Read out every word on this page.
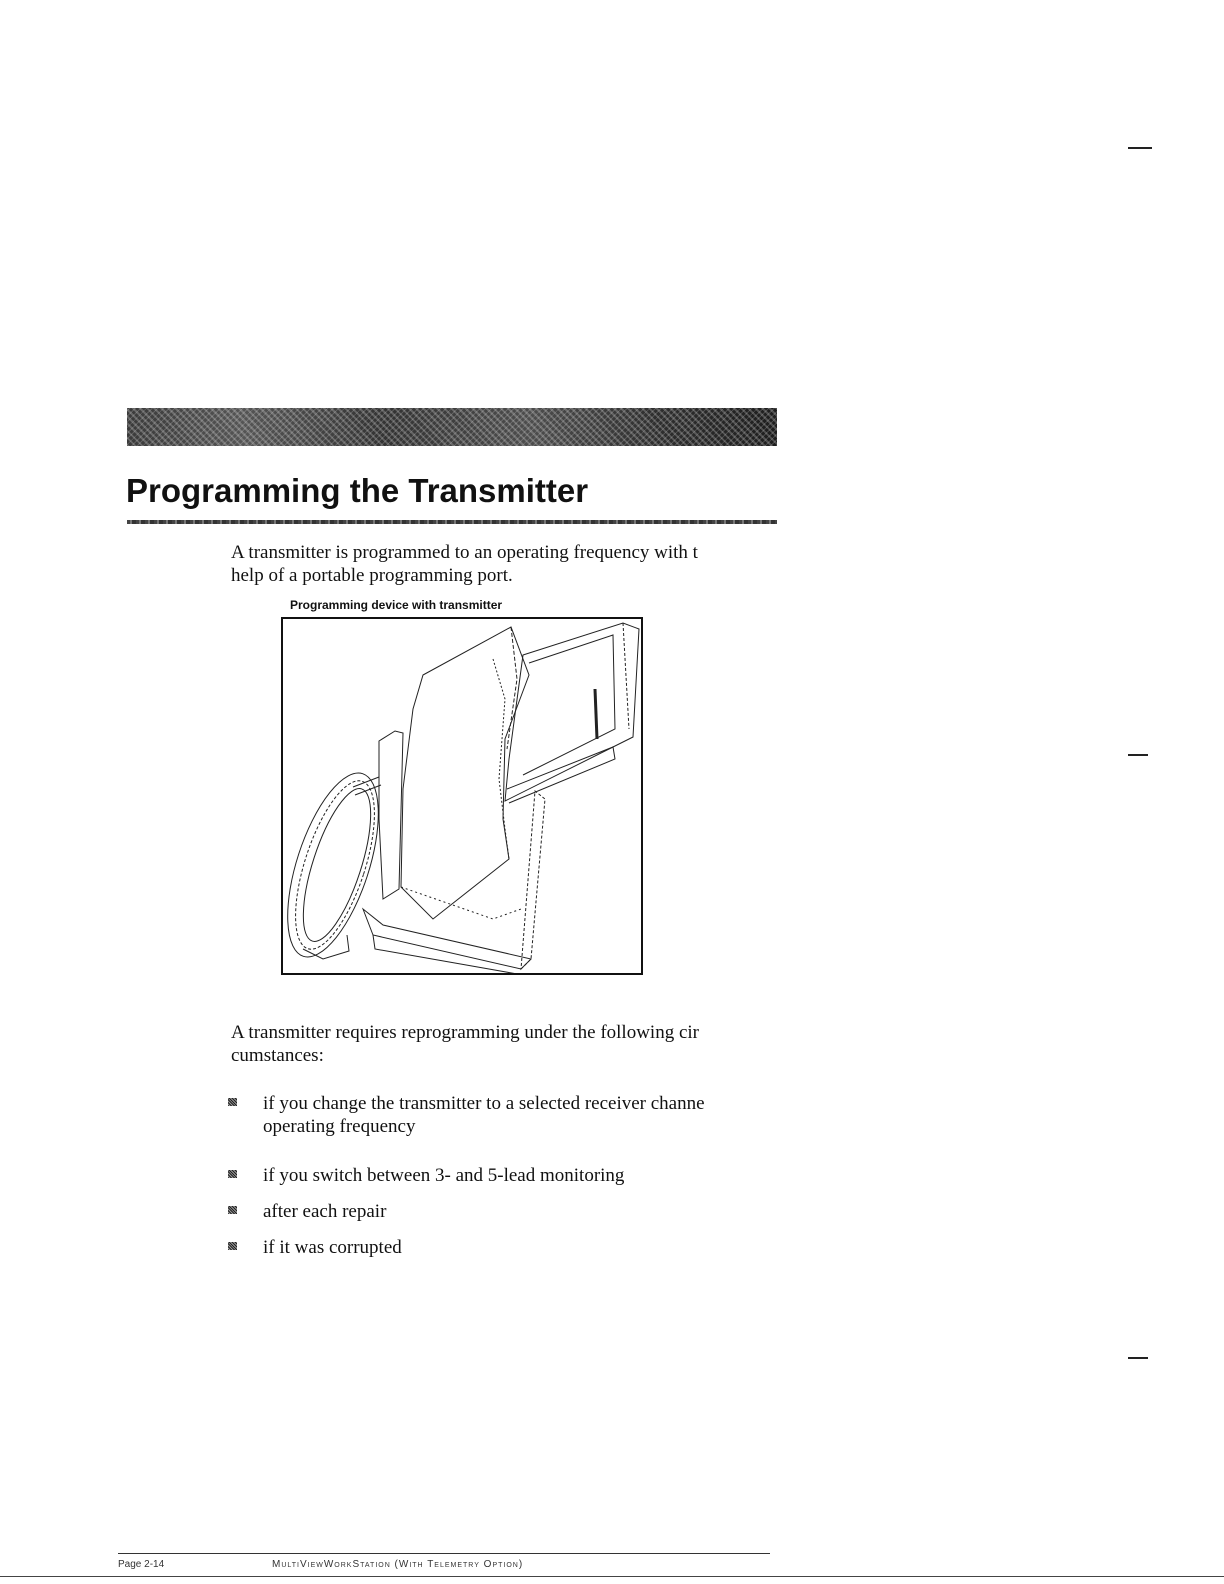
Programming the Transmitter

A transmitter is programmed to an operating frequency with t
help of a portable programming port.

Programming device with transmitter

A transmitter requires reprogramming under the following cir
cumstances:

if you change the transmitter to a selected receiver channe
operating frequency
if you switch between 3- and 5-lead monitoring
after each repair
if it was corrupted
Page 2-14	MultiViewWorkStation (With Telemetry Option)
